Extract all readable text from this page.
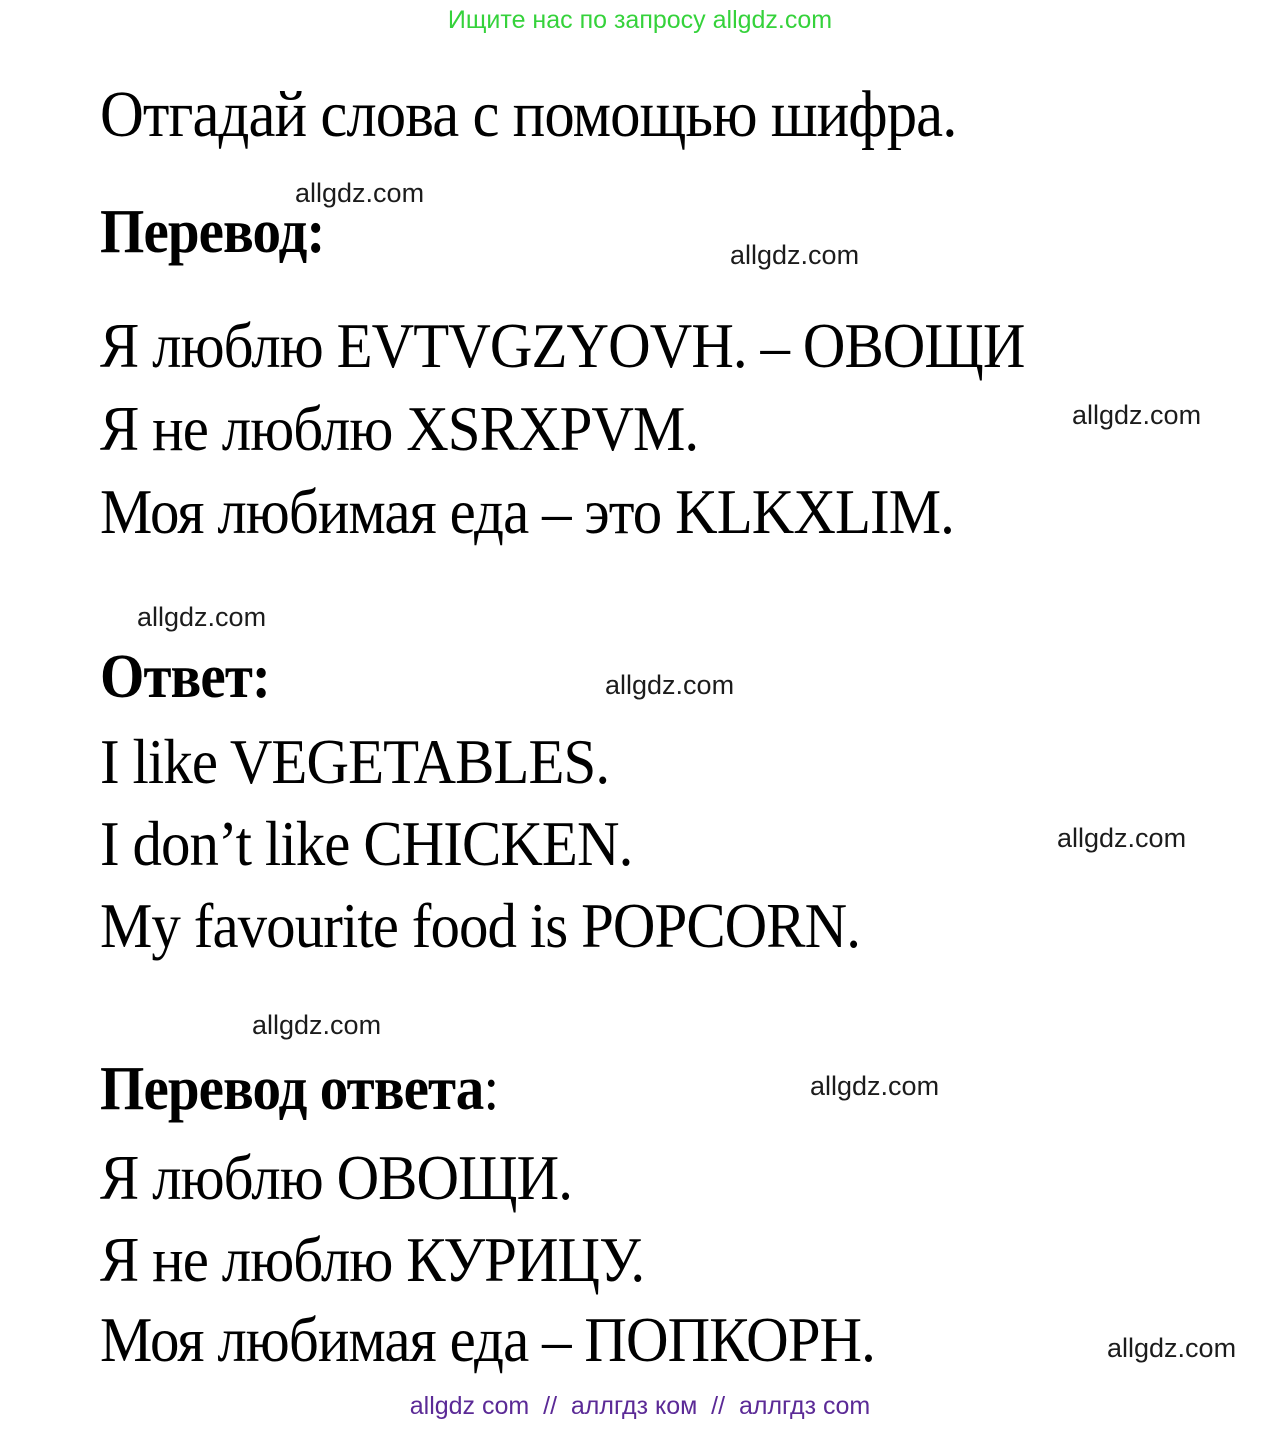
Ищите нас по запросу allgdz.com
Отгадай слова с помощью шифра.
allgdz.com
Перевод:	allgdz.com
Я люблю EVTVGZYOVH. – ОВОЩИ
Я не люблю XSRXPVM.	allgdz.com
Моя любимая еда – это KLKXLIM.
allgdz.com
Ответ:	allgdz.com
I like VEGETABLES.
I don’t like CHICKEN.	allgdz.com
My favourite food is POPCORN.
allgdz.com
Перевод ответа:	allgdz.com
Я люблю ОВОЩИ.
Я не люблю КУРИЦУ.
Моя любимая еда – ПОПКОРН.	allgdz.com
allgdz com  //  аллгдз ком  //  аллгдз com
